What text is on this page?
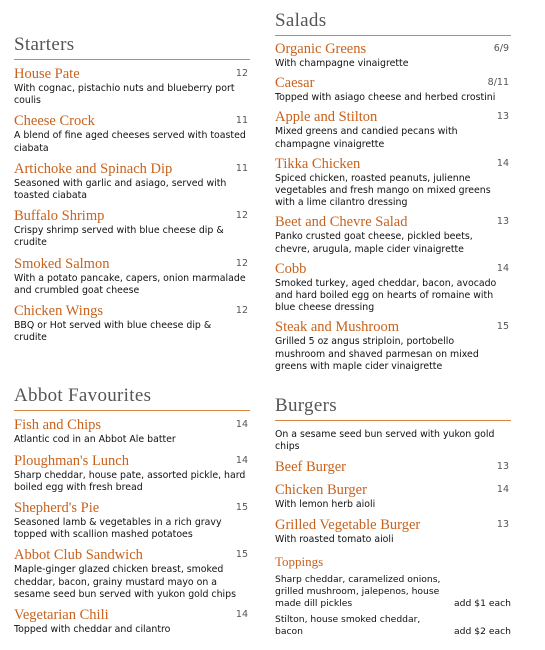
Starters
House Pate	12
With cognac, pistachio nuts and blueberry port coulis
Cheese Crock	11
A blend of fine aged cheeses served with toasted ciabata
Artichoke and Spinach Dip	11
Seasoned with garlic and asiago, served with toasted ciabata
Buffalo Shrimp	12
Crispy shrimp served with blue cheese dip & crudite
Smoked Salmon	12
With a potato pancake, capers, onion marmalade and crumbled goat cheese
Chicken Wings	12
BBQ or Hot served with blue cheese dip & crudite
Abbot Favourites
Fish and Chips	14
Atlantic cod in an Abbot Ale batter
Ploughman's Lunch	14
Sharp cheddar, house pate, assorted pickle, hard boiled egg with fresh bread
Shepherd's Pie	15
Seasoned lamb & vegetables in a rich gravy topped with scallion mashed potatoes
Abbot Club Sandwich	15
Maple-ginger glazed chicken breast, smoked cheddar, bacon, grainy mustard mayo on a sesame seed bun served with yukon gold chips
Vegetarian Chili	14
Topped with cheddar and cilantro
Salads
Organic Greens	6/9
With champagne vinaigrette
Caesar	8/11
Topped with asiago cheese and herbed crostini
Apple and Stilton	13
Mixed greens and candied pecans with champagne vinaigrette
Tikka Chicken	14
Spiced chicken, roasted peanuts, julienne vegetables and fresh mango on mixed greens with a lime cilantro dressing
Beet and Chevre Salad	13
Panko crusted goat cheese, pickled beets, chevre, arugula, maple cider vinaigrette
Cobb	14
Smoked turkey, aged cheddar, bacon, avocado and hard boiled egg on hearts of romaine with blue cheese dressing
Steak and Mushroom	15
Grilled 5 oz angus striploin, portobello mushroom and shaved parmesan on mixed greens with maple cider vinaigrette
Burgers
On a sesame seed bun served with yukon gold chips
Beef Burger	13
Chicken Burger	14
With lemon herb aioli
Grilled Vegetable Burger	13
With roasted tomato aioli
Toppings
Sharp cheddar, caramelized onions, grilled mushroom, jalepenos, house made dill pickles	add $1 each
Stilton, house smoked cheddar, bacon	add $2 each
